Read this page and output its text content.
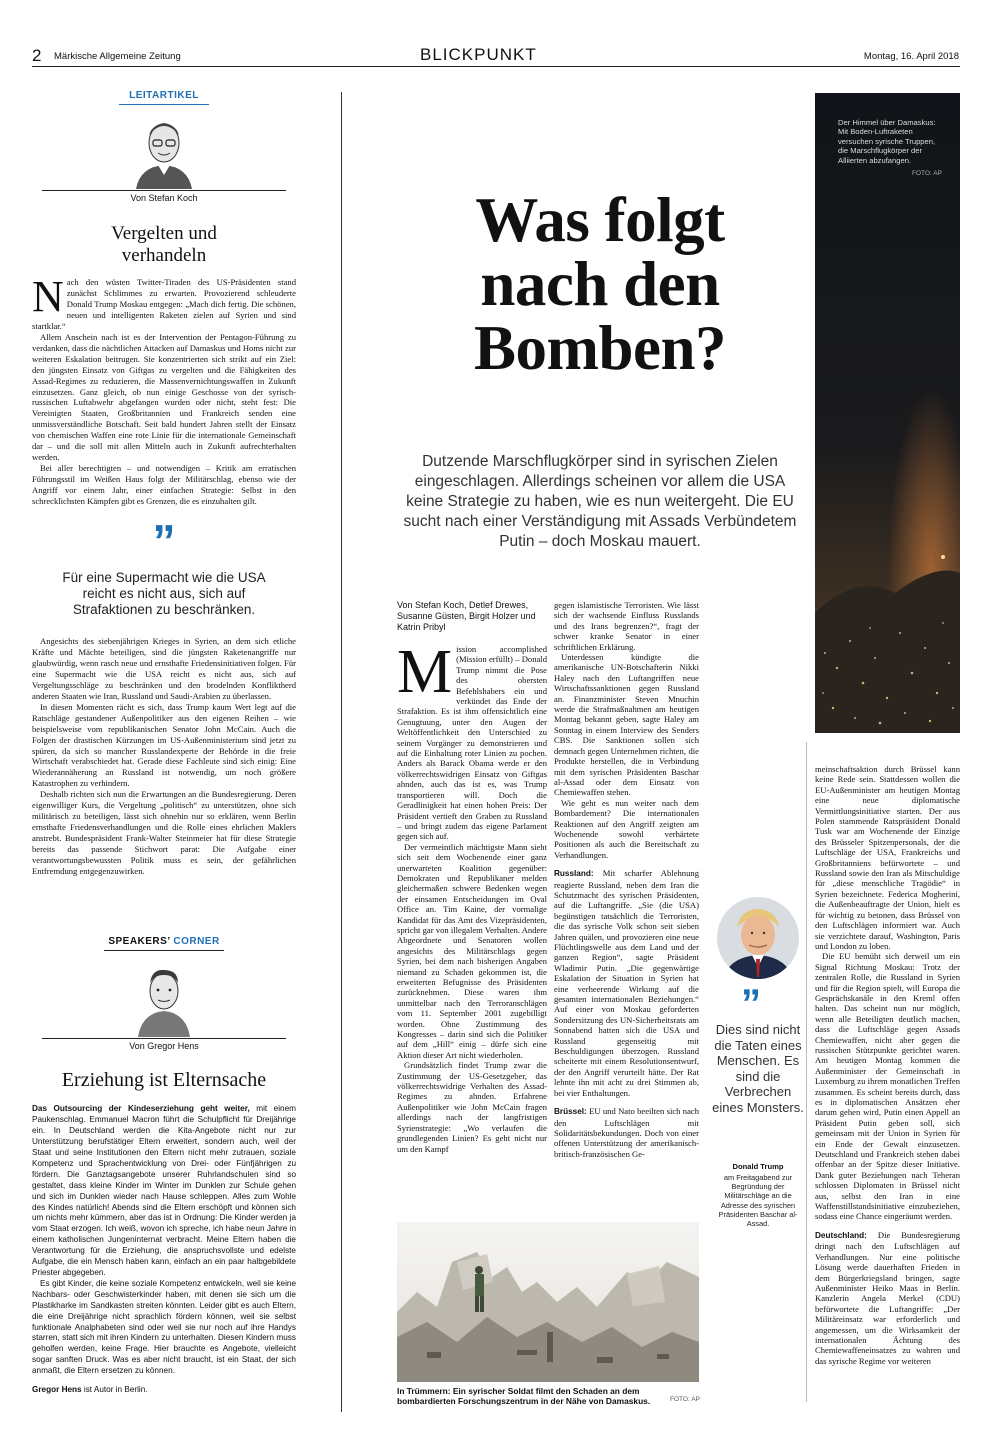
2 Märkische Allgemeine Zeitung	BLICKPUNKT	Montag, 16. April 2018
LEITARTIKEL
Von Stefan Koch
Vergelten und
verhandeln

Nach den wüsten Twitter-Tiraden des US-Präsidenten stand zunächst Schlimmes zu erwarten. Provozierend schleuderte Donald Trump Moskau entgegen: „Mach dich fertig. Die schönen, neuen und intelligenten Raketen zielen auf Syrien und sind startklar.“

Allem Anschein nach ist es der Intervention der Pentagon-Führung zu verdanken, dass die nächtlichen Attacken auf Damaskus und Homs nicht zur weiteren Eskalation beitrugen. Sie konzentrierten sich strikt auf ein Ziel: den jüngsten Einsatz von Giftgas zu vergelten und die Fähigkeiten des Assad-Regimes zu reduzieren, die Massenvernichtungswaffen in Zukunft einzusetzen. Ganz gleich, ob nun einige Geschosse von der syrisch-russischen Luftabwehr abgefangen wurden oder nicht, steht fest: Die Vereinigten Staaten, Großbritannien und Frankreich senden eine unmissverständliche Botschaft. Seit bald hundert Jahren stellt der Einsatz von chemischen Waffen eine rote Linie für die internationale Gemeinschaft dar – und die soll mit allen Mitteln auch in Zukunft aufrechterhalten werden.

Bei aller berechtigten – und notwendigen – Kritik am erratischen Führungsstil im Weißen Haus folgt der Militärschlag, ebenso wie der Angriff vor einem Jahr, einer einfachen Strategie: Selbst in den schrecklichsten Kämpfen gibt es Grenzen, die es einzuhalten gilt.

”
Für eine Supermacht wie die USA reicht es nicht aus, sich auf Strafaktionen zu beschränken.

Angesichts des siebenjährigen Krieges in Syrien, an dem sich etliche Kräfte und Mächte beteiligen, sind die jüngsten Raketenangriffe nur glaubwürdig, wenn rasch neue und ernsthafte Friedensinitiativen folgen. Für eine Supermacht wie die USA reicht es nicht aus, sich auf Vergeltungsschläge zu beschränken und den brodelnden Konfliktherd anderen Staaten wie Iran, Russland und Saudi-Arabien zu überlassen.

In diesen Momenten rächt es sich, dass Trump kaum Wert legt auf die Ratschläge gestandener Außenpolitiker aus den eigenen Reihen – wie beispielsweise vom republikanischen Senator John McCain. Auch die Folgen der drastischen Kürzungen im US-Außenministerium sind jetzt zu spüren, da sich so mancher Russlandexperte der Behörde in die freie Wirtschaft verabschiedet hat. Gerade diese Fachleute sind sich einig: Eine Wiederannäherung an Russland ist notwendig, um noch größere Katastrophen zu verhindern.

Deshalb richten sich nun die Erwartungen an die Bundesregierung. Deren eigenwilliger Kurs, die Vergeltung „politisch“ zu unterstützen, ohne sich militärisch zu beteiligen, lässt sich ohnehin nur so erklären, wenn Berlin ernsthafte Friedensverhandlungen und die Rolle eines ehrlichen Maklers anstrebt. Bundespräsident Frank-Walter Steinmeier hat für diese Strategie bereits das passende Stichwort parat: Die Aufgabe einer verantwortungsbewussten Politik muss es sein, der gefährlichen Entfremdung entgegenzuwirken.

SPEAKERS’ CORNER
Von Gregor Hens
Erziehung ist Elternsache

Das Outsourcing der Kindeserziehung geht weiter, mit einem Paukenschlag. Emmanuel Macron führt die Schulpflicht für Dreijährige ein. In Deutschland werden die Kita-Angebote nicht nur zur Unterstützung berufstätiger Eltern erweitert, sondern auch, weil der Staat und seine Institutionen den Eltern nicht mehr zutrauen, soziale Kompetenz und Sprachentwicklung von Drei- oder Fünfjährigen zu fördern. Die Ganztagsangebote unserer Ruhrlandschulen sind so gestaltet, dass kleine Kinder im Winter im Dunklen zur Schule gehen und sich im Dunklen wieder nach Hause schleppen. Alles zum Wohle des Kindes natürlich! Abends sind die Eltern erschöpft und können sich um nichts mehr kümmern, aber das ist in Ordnung: Die Kinder werden ja vom Staat erzogen. Ich weiß, wovon ich spreche, ich habe neun Jahre in einem katholischen Jungeninternat verbracht. Meine Eltern haben die Verantwortung für die Erziehung, die anspruchsvollste und edelste Aufgabe, die ein Mensch haben kann, einfach an ein paar halbgebildete Priester abgegeben.

Es gibt Kinder, die keine soziale Kompetenz entwickeln, weil sie keine Nachbars- oder Geschwisterkinder haben, mit denen sie sich um die Plastikharke im Sandkasten streiten könnten. Leider gibt es auch Eltern, die eine Dreijährige nicht sprachlich fördern können, weil sie selbst funktionale Analphabeten sind oder weil sie nur noch auf ihre Handys starren, statt sich mit ihren Kindern zu unterhalten. Diesen Kindern muss geholfen werden, keine Frage. Hier brauchte es Angebote, vielleicht sogar sanften Druck. Was es aber nicht braucht, ist ein Staat, der sich anmaßt, die Eltern ersetzen zu können.

Gregor Hens ist Autor in Berlin.
Was folgt
nach den
Bomben?
Dutzende Marschflugkörper sind in syrischen Zielen eingeschlagen. Allerdings scheinen vor allem die USA keine Strategie zu haben, wie es nun weitergeht. Die EU sucht nach einer Verständigung mit Assads Verbündetem Putin – doch Moskau mauert.
Von Stefan Koch, Detlef Drewes, Susanne Güsten, Birgit Holzer und Katrin Pribyl

Mission accomplished (Mission erfüllt) – Donald Trump nimmt die Pose des obersten Befehlshabers ein und verkündet das Ende der Strafaktion. Es ist ihm offensichtlich eine Genugtuung, unter den Augen der Weltöffentlichkeit den Unterschied zu seinem Vorgänger zu demonstrieren und auf die Einhaltung roter Linien zu pochen. Anders als Barack Obama werde er den völkerrechtswidrigen Einsatz von Giftgas ahnden, auch das ist es, was Trump transportieren will. Doch die Geradlinigkeit hat einen hohen Preis: Der Präsident vertieft den Graben zu Russland – und bringt zudem das eigene Parlament gegen sich auf.

Der vermeintlich mächtigste Mann sieht sich seit dem Wochenende einer ganz unerwarteten Koalition gegenüber: Demokraten und Republikaner melden gleichermaßen schwere Bedenken wegen der einsamen Entscheidungen im Oval Office an. Tim Kaine, der vormalige Kandidat für das Amt des Vizepräsidenten, spricht gar von illegalem Verhalten. Andere Abgeordnete und Senatoren wollen angesichts des Militärschlags gegen Syrien, bei dem nach bisherigen Angaben niemand zu Schaden gekommen ist, die erweiterten Befugnisse des Präsidenten zurücknehmen. Diese waren ihm unmittelbar nach den Terroranschlägen vom 11. September 2001 zugebilligt worden. Ohne Zustimmung des Kongresses – darin sind sich die Politiker auf dem „Hill“ einig – dürfe sich eine Aktion dieser Art nicht wiederholen.

Grundsätzlich findet Trump zwar die Zustimmung der US-Gesetzgeber, das völkerrechtswidrige Verhalten des Assad-Regimes zu ahnden. Erfahrene Außenpolitiker wie John McCain fragen allerdings nach der langfristigen Syrienstrategie: „Wo verlaufen die grundlegenden Linien? Es geht nicht nur um den Kampf

gegen islamistische Terroristen. Wie lässt sich der wachsende Einfluss Russlands und des Irans begrenzen?“, fragt der schwer kranke Senator in einer schriftlichen Erklärung.

Unterdessen kündigte die amerikanische UN-Botschafterin Nikki Haley nach den Luftangriffen neue Wirtschaftssanktionen gegen Russland an. Finanzminister Steven Mnuchin werde die Strafmaßnahmen am heutigen Montag bekannt geben, sagte Haley am Sonntag in einem Interview des Senders CBS. Die Sanktionen sollen sich demnach gegen Unternehmen richten, die Produkte herstellen, die in Verbindung mit dem syrischen Präsidenten Baschar al-Assad oder dem Einsatz von Chemiewaffen stehen.

Wie geht es nun weiter nach dem Bombardement? Die internationalen Reaktionen auf den Angriff zeigten am Wochenende sowohl verhärtete Positionen als auch die Bereitschaft zu Verhandlungen.

Russland: Mit scharfer Ablehnung reagierte Russland, neben dem Iran die Schutzmacht des syrischen Präsidenten, auf die Luftangriffe. „Sie (die USA) begünstigen tatsächlich die Terroristen, die das syrische Volk schon seit sieben Jahren quälen, und provozieren eine neue Flüchtlingswelle aus dem Land und der ganzen Region“, sagte Präsident Wladimir Putin. „Die gegenwärtige Eskalation der Situation in Syrien hat eine verheerende Wirkung auf die gesamten internationalen Beziehungen.“ Auf einer von Moskau geforderten Sondersitzung des UN-Sicherheitsrats am Sonnabend hatten sich die USA und Russland gegenseitig mit Beschuldigungen überzogen. Russland scheiterte mit einem Resolutionsentwurf, der den Angriff verurteilt hätte. Der Rat lehnte ihn mit acht zu drei Stimmen ab, bei vier Enthaltungen.

Brüssel: EU und Nato beeilten sich nach den Luftschlägen mit Solidaritätsbekundungen. Doch von einer offenen Unterstützung der amerikanisch-britisch-französischen Ge-

In Trümmern: Ein syrischer Soldat filmt den Schaden an dem bombardierten Forschungszentrum in der Nähe von Damaskus.	FOTO: AP
Der Himmel über Damaskus: Mit Boden-Luftraketen versuchen syrische Truppen, die Marschflugkörper der Alliierten abzufangen.
FOTO: AP
”
Dies sind nicht die Taten eines Menschen. Es sind die Verbrechen eines Monsters.
Donald Trump
am Freitagabend zur Begründung der Militärschläge an die Adresse des syrischen Präsidenten Baschar al-Assad.

meinschaftsaktion durch Brüssel kann keine Rede sein. Stattdessen wollen die EU-Außenminister am heutigen Montag eine neue diplomatische Vermittlungsinitiative starten. Der aus Polen stammende Ratspräsident Donald Tusk war am Wochenende der Einzige des Brüsseler Spitzenpersonals, der die Luftschläge der USA, Frankreichs und Großbritanniens befürwortete – und Russland sowie den Iran als Mitschuldige für „diese menschliche Tragödie“ in Syrien bezeichnete. Federica Mogherini, die Außenbeauftragte der Union, hielt es für wichtig zu betonen, dass Brüssel von den Luftschlägen informiert war. Auch sie verzichtete darauf, Washington, Paris und London zu loben.

Die EU bemüht sich derweil um ein Signal Richtung Moskau: Trotz der zentralen Rolle, die Russland in Syrien und für die Region spielt, will Europa die Gesprächskanäle in den Kreml offen halten. Das scheint nun nur möglich, wenn alle Beteiligten deutlich machen, dass die Luftschläge gegen Assads Chemiewaffen, nicht aber gegen die russischen Stützpunkte gerichtet waren. Am heutigen Montag kommen die Außenminister der Gemeinschaft in Luxemburg zu ihrem monatlichen Treffen zusammen. Es scheint bereits durch, dass es in diplomatischen Ansätzen eher darum gehen wird, Putin einen Appell an Präsident Putin geben soll, sich gemeinsam mit der Union in Syrien für ein Ende der Gewalt einzusetzen. Deutschland und Frankreich stehen dabei offenbar an der Spitze dieser Initiative. Dank guter Beziehungen nach Teheran schlossen Diplomaten in Brüssel nicht aus, selbst den Iran in eine Waffenstillstandsinitiative einzubeziehen, sodass eine Chance eingeräumt werden.

Deutschland: Die Bundesregierung dringt nach den Luftschlägen auf Verhandlungen. Nur eine politische Lösung werde dauerhaften Frieden in dem Bürgerkriegsland bringen, sagte Außenminister Heiko Maas in Berlin. Kanzlerin Angela Merkel (CDU) befürwortete die Luftangriffe: „Der Militäreinsatz war erforderlich und angemessen, um die Wirksamkeit der internationalen Ächtung des Chemiewaffeneinsatzes zu wahren und das syrische Regime vor weiteren
